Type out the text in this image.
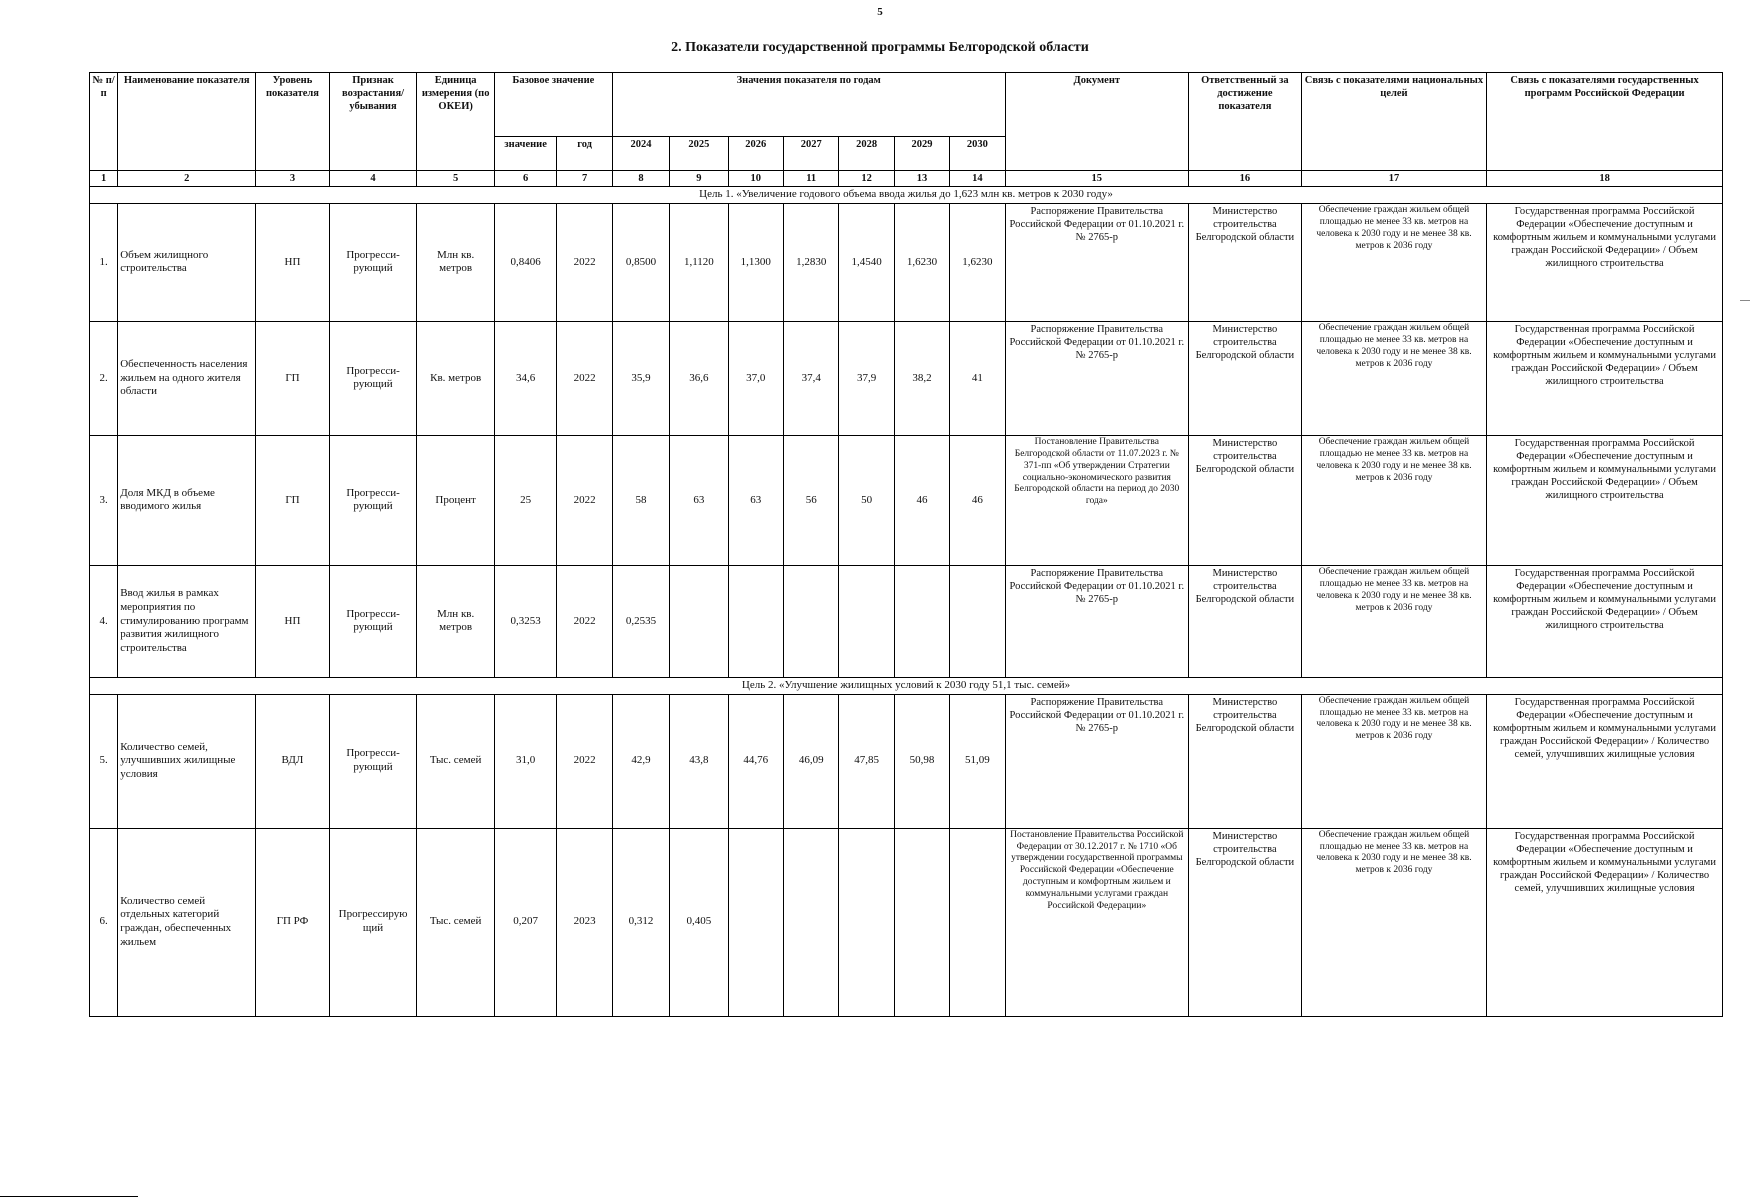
5
2. Показатели государственной программы Белгородской области
№ п/п	Наименование показателя	Уровень показателя	Признак возрастания/ убывания	Единица измерения (по ОКЕИ)	Базовое значение		Значения показателя по годам							Документ	Ответственный за достижение показателя	Связь с показателями национальных целей	Связь с показателями государственных программ Российской Федерации
					значение	год	2024	2025	2026	2027	2028	2029	2030				
1	2	3	4	5	6	7	8	9	10	11	12	13	14	15	16	17	18
Цель 1. «Увеличение годового объема ввода жилья до 1,623 млн кв. метров к 2030 году»																	
1.	Объем жилищного строительства	НП	Прогресси-рующий	Млн кв. метров	0,8406	2022	0,8500	1,1120	1,1300	1,2830	1,4540	1,6230	1,6230	Распоряжение Правительства Российской Федерации от 01.10.2021 г. № 2765-р	Министерство строительства Белгородской области	Обеспечение граждан жильем общей площадью не менее 33 кв. метров на человека к 2030 году и не менее 38 кв. метров к 2036 году	Государственная программа Российской Федерации «Обеспечение доступным и комфортным жильем и коммунальными услугами граждан Российской Федерации» / Объем жилищного строительства
2.	Обеспеченность населения жильем на одного жителя области	ГП	Прогресси-рующий	Кв. метров	34,6	2022	35,9	36,6	37,0	37,4	37,9	38,2	41	Распоряжение Правительства Российской Федерации от 01.10.2021 г. № 2765-р	Министерство строительства Белгородской области	Обеспечение граждан жильем общей площадью не менее 33 кв. метров на человека к 2030 году и не менее 38 кв. метров к 2036 году	Государственная программа Российской Федерации «Обеспечение доступным и комфортным жильем и коммунальными услугами граждан Российской Федерации» / Объем жилищного строительства
3.	Доля МКД в объеме вводимого жилья	ГП	Прогресси-рующий	Процент	25	2022	58	63	63	56	50	46	46	Постановление Правительства Белгородской области от 11.07.2023 г. № 371-пп «Об утверждении Стратегии социально-экономического развития Белгородской области на период до 2030 года»	Министерство строительства Белгородской области	Обеспечение граждан жильем общей площадью не менее 33 кв. метров на человека к 2030 году и не менее 38 кв. метров к 2036 году	Государственная программа Российской Федерации «Обеспечение доступным и комфортным жильем и коммунальными услугами граждан Российской Федерации» / Объем жилищного строительства
4.	Ввод жилья в рамках мероприятия по стимулированию программ развития жилищного строительства	НП	Прогресси-рующий	Млн кв. метров	0,3253	2022	0,2535							Распоряжение Правительства Российской Федерации от 01.10.2021 г. № 2765-р	Министерство строительства Белгородской области	Обеспечение граждан жильем общей площадью не менее 33 кв. метров на человека к 2030 году и не менее 38 кв. метров к 2036 году	Государственная программа Российской Федерации «Обеспечение доступным и комфортным жильем и коммунальными услугами граждан Российской Федерации» / Объем жилищного строительства
Цель 2. «Улучшение жилищных условий к 2030 году 51,1 тыс. семей»																	
5.	Количество семей, улучшивших жилищные условия	ВДЛ	Прогресси-рующий	Тыс. семей	31,0	2022	42,9	43,8	44,76	46,09	47,85	50,98	51,09	Распоряжение Правительства Российской Федерации от 01.10.2021 г. № 2765-р	Министерство строительства Белгородской области	Обеспечение граждан жильем общей площадью не менее 33 кв. метров на человека к 2030 году и не менее 38 кв. метров к 2036 году	Государственная программа Российской Федерации «Обеспечение доступным и комфортным жильем и коммунальными услугами граждан Российской Федерации» / Количество семей, улучшивших жилищные условия
6.	Количество семей отдельных категорий граждан, обеспеченных жильем	ГП РФ	Прогрессирую щий	Тыс. семей	0,207	2023	0,312	0,405						Постановление Правительства Российской Федерации от 30.12.2017 г. № 1710 «Об утверждении государственной программы Российской Федерации «Обеспечение доступным и комфортным жильем и коммунальными услугами граждан Российской Федерации»	Министерство строительства Белгородской области	Обеспечение граждан жильем общей площадью не менее 33 кв. метров на человека к 2030 году и не менее 38 кв. метров к 2036 году	Государственная программа Российской Федерации «Обеспечение доступным и комфортным жильем и коммунальными услугами граждан Российской Федерации» / Количество семей, улучшивших жилищные условия
